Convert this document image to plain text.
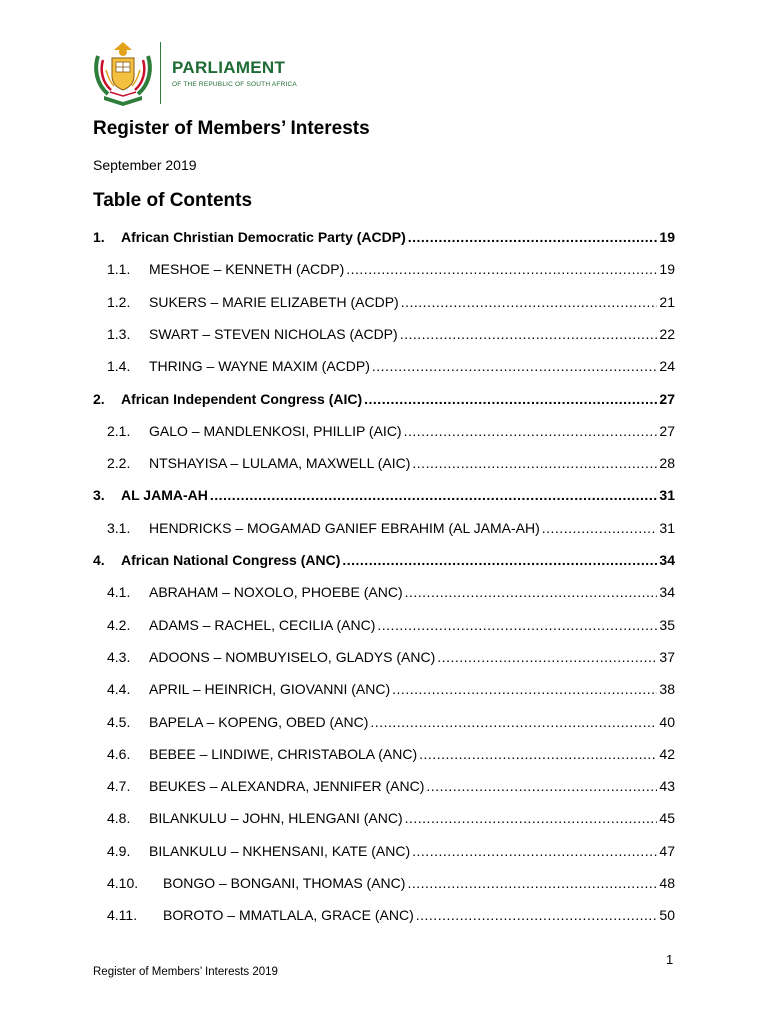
PARLIAMENT
OF THE REPUBLIC OF SOUTH AFRICA
Register of Members’ Interests
September 2019
Table of Contents
1.	African Christian Democratic Party (ACDP) .....	19
1.1.	MESHOE – KENNETH (ACDP) .....	19
1.2.	SUKERS – MARIE ELIZABETH (ACDP) .....	21
1.3.	SWART – STEVEN NICHOLAS (ACDP) .....	22
1.4.	THRING – WAYNE MAXIM (ACDP) .....	24
2.	African Independent Congress (AIC) .....	27
2.1.	GALO – MANDLENKOSI, PHILLIP (AIC) .....	27
2.2.	NTSHAYISA – LULAMA, MAXWELL (AIC) .....	28
3.	AL JAMA-AH .....	31
3.1.	HENDRICKS – MOGAMAD GANIEF EBRAHIM (AL JAMA-AH) .....	31
4.	African National Congress (ANC) .....	34
4.1.	ABRAHAM – NOXOLO, PHOEBE (ANC) .....	34
4.2.	ADAMS – RACHEL, CECILIA (ANC) .....	35
4.3.	ADOONS – NOMBUYISELO, GLADYS (ANC) .....	37
4.4.	APRIL – HEINRICH, GIOVANNI (ANC) .....	38
4.5.	BAPELA – KOPENG, OBED (ANC) .....	40
4.6.	BEBEE – LINDIWE, CHRISTABOLA (ANC) .....	42
4.7.	BEUKES – ALEXANDRA, JENNIFER (ANC) .....	43
4.8.	BILANKULU – JOHN, HLENGANI (ANC) .....	45
4.9.	BILANKULU – NKHENSANI, KATE (ANC) .....	47
4.10.	BONGO – BONGANI, THOMAS (ANC) .....	48
4.11.	BOROTO – MMATLALA, GRACE (ANC) .....	50
1
Register of Members’ Interests 2019
